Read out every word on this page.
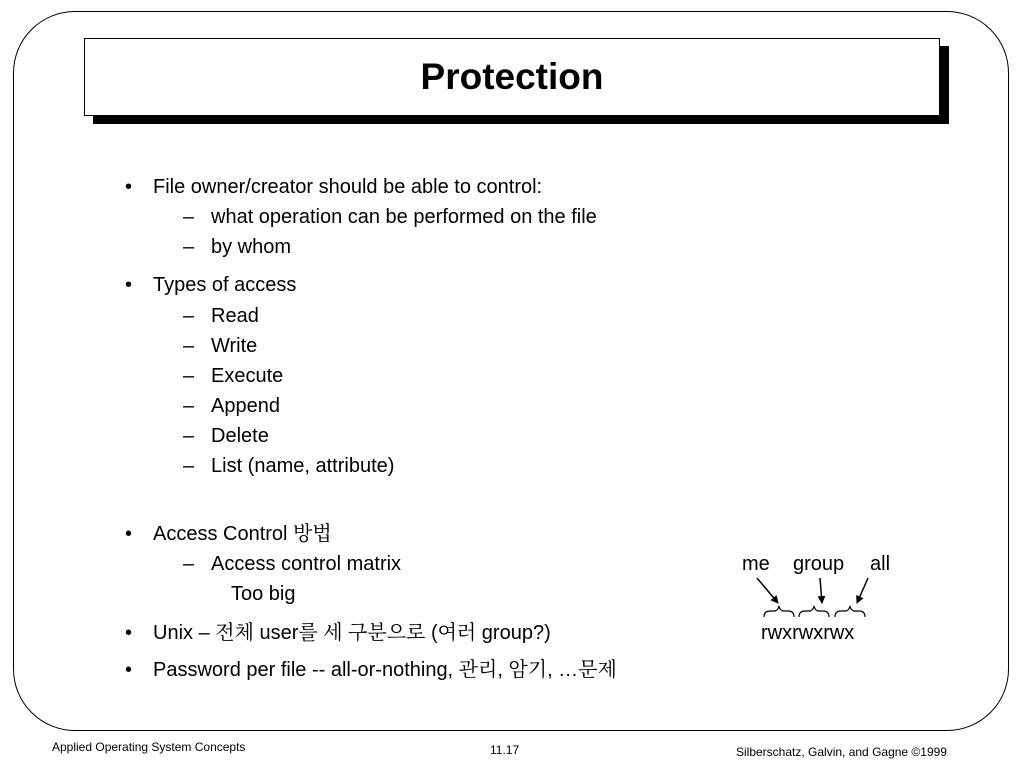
Protection
• File owner/creator should be able to control:
– what operation can be performed on the file
– by whom
• Types of access
– Read
– Write
– Execute
– Append
– Delete
– List (name, attribute)
• Access Control 방법
– Access control matrix
Too big
• Unix – 전체 user를 세 구분으로 (여러 group?)
• Password per file -- all-or-nothing, 관리, 암기, …문제
me group all
rwxrwxrwx
Applied Operating System Concepts	11.17	Silberschatz, Galvin, and Gagne ©1999
